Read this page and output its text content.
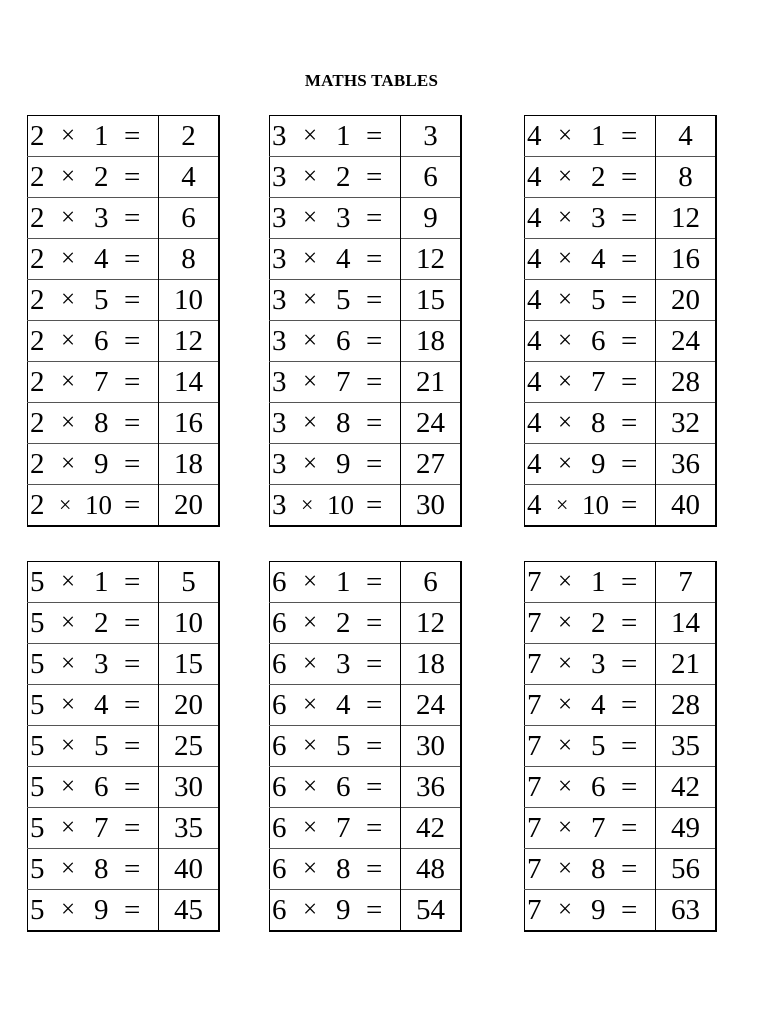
MATHS TABLES
2 × 1 =	2

2 × 2 =	4

2 × 3 =	6

2 × 4 =	8

2 × 5 =	10

2 × 6 =	12

2 × 7 =	14

2 × 8 =	16

2 × 9 =	18

2 × 10 =	20
3 × 1 =	3

3 × 2 =	6

3 × 3 =	9

3 × 4 =	12

3 × 5 =	15

3 × 6 =	18

3 × 7 =	21

3 × 8 =	24

3 × 9 =	27

3 × 10 =	30
4 × 1 =	4

4 × 2 =	8

4 × 3 =	12

4 × 4 =	16

4 × 5 =	20

4 × 6 =	24

4 × 7 =	28

4 × 8 =	32

4 × 9 =	36

4 × 10 =	40
5 × 1 =	5

5 × 2 =	10

5 × 3 =	15

5 × 4 =	20

5 × 5 =	25

5 × 6 =	30

5 × 7 =	35

5 × 8 =	40

5 × 9 =	45
6 × 1 =	6

6 × 2 =	12

6 × 3 =	18

6 × 4 =	24

6 × 5 =	30

6 × 6 =	36

6 × 7 =	42

6 × 8 =	48

6 × 9 =	54
7 × 1 =	7

7 × 2 =	14

7 × 3 =	21

7 × 4 =	28

7 × 5 =	35

7 × 6 =	42

7 × 7 =	49

7 × 8 =	56

7 × 9 =	63
